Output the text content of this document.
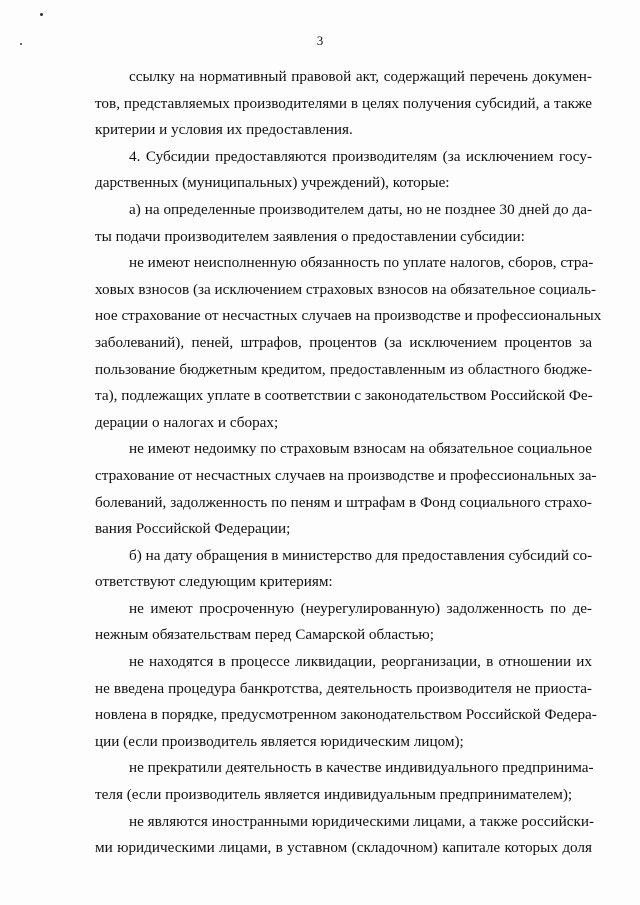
3
ссылку на нормативный правовой акт, содержащий перечень докумен-
тов, представляемых производителями в целях получения субсидий, а также
критерии и условия их предоставления.
4. Субсидии предоставляются производителям (за исключением госу-
дарственных (муниципальных) учреждений), которые:
а) на определенные производителем даты, но не позднее 30 дней до да-
ты подачи производителем заявления о предоставлении субсидии:
не имеют неисполненную обязанность по уплате налогов, сборов, стра-
ховых взносов (за исключением страховых взносов на обязательное социаль-
ное страхование от несчастных случаев на производстве и профессиональных
заболеваний), пеней, штрафов, процентов (за исключением процентов за
пользование бюджетным кредитом, предоставленным из областного бюдже-
та), подлежащих уплате в соответствии с законодательством Российской Фе-
дерации о налогах и сборах;
не имеют недоимку по страховым взносам на обязательное социальное
страхование от несчастных случаев на производстве и профессиональных за-
болеваний, задолженность по пеням и штрафам в Фонд социального страхо-
вания Российской Федерации;
б) на дату обращения в министерство для предоставления субсидий со-
ответствуют следующим критериям:
не имеют просроченную (неурегулированную) задолженность по де-
нежным обязательствам перед Самарской областью;
не находятся в процессе ликвидации, реорганизации, в отношении их
не введена процедура банкротства, деятельность производителя не приоста-
новлена в порядке, предусмотренном законодательством Российской Федера-
ции (если производитель является юридическим лицом);
не прекратили деятельность в качестве индивидуального предпринима-
теля (если производитель является индивидуальным предпринимателем);
не являются иностранными юридическими лицами, а также российски-
ми юридическими лицами, в уставном (складочном) капитале которых доля
